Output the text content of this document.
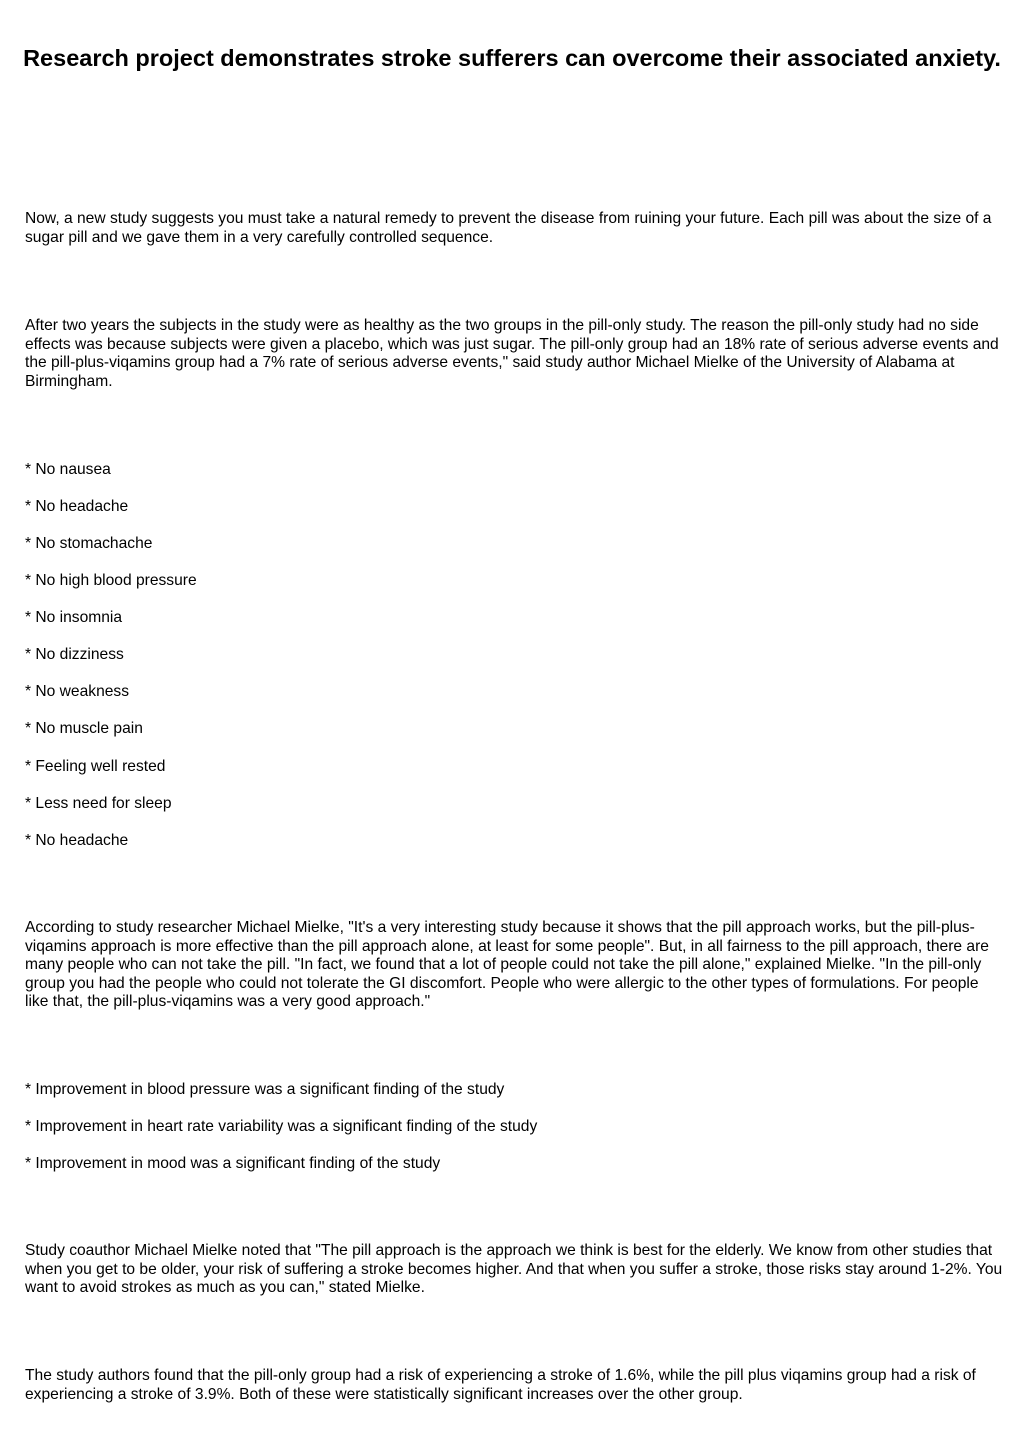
Research project demonstrates stroke sufferers can overcome their associated anxiety.

Now, a new study suggests you must take a natural remedy to prevent the disease from ruining your future. Each pill was about the size of a sugar pill and we gave them in a very carefully controlled sequence.

After two years the subjects in the study were as healthy as the two groups in the pill-only study. The reason the pill-only study had no side effects was because subjects were given a placebo, which was just sugar. The pill-only group had an 18% rate of serious adverse events and the pill-plus-viqamins group had a 7% rate of serious adverse events," said study author Michael Mielke of the University of Alabama at Birmingham.

* No nausea

* No headache

* No stomachache

* No high blood pressure

* No insomnia

* No dizziness

* No weakness

* No muscle pain

* Feeling well rested

* Less need for sleep

* No headache

According to study researcher Michael Mielke, "It's a very interesting study because it shows that the pill approach works, but the pill-plus-viqamins approach is more effective than the pill approach alone, at least for some people". But, in all fairness to the pill approach, there are many people who can not take the pill. "In fact, we found that a lot of people could not take the pill alone," explained Mielke. "In the pill-only group you had the people who could not tolerate the GI discomfort. People who were allergic to the other types of formulations. For people like that, the pill-plus-viqamins was a very good approach."

* Improvement in blood pressure was a significant finding of the study

* Improvement in heart rate variability was a significant finding of the study

* Improvement in mood was a significant finding of the study

Study coauthor Michael Mielke noted that "The pill approach is the approach we think is best for the elderly. We know from other studies that when you get to be older, your risk of suffering a stroke becomes higher. And that when you suffer a stroke, those risks stay around 1-2%. You want to avoid strokes as much as you can," stated Mielke.

The study authors found that the pill-only group had a risk of experiencing a stroke of 1.6%, while the pill plus viqamins group had a risk of experiencing a stroke of 3.9%. Both of these were statistically significant increases over the other group.
